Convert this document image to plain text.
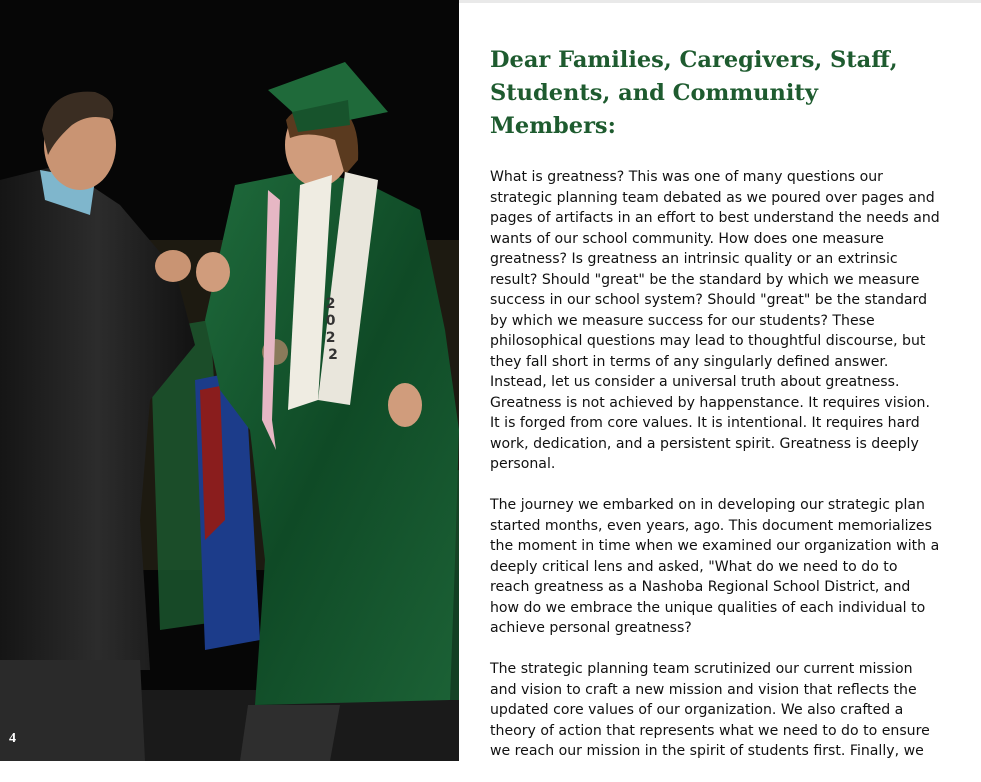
2 0 2 2
4
Dear Families, Caregivers, Staff, Students, and Community Members:

What is greatness? This was one of many questions our strategic planning team debated as we poured over pages and pages of artifacts in an effort to best understand the needs and wants of our school community. How does one measure greatness? Is greatness an intrinsic quality or an extrinsic result? Should "great" be the standard by which we measure success in our school system? Should "great" be the standard by which we measure success for our students? These philosophical questions may lead to thoughtful discourse, but they fall short in terms of any singularly defined answer. Instead, let us consider a universal truth about greatness. Greatness is not achieved by happenstance. It requires vision. It is forged from core values. It is intentional. It requires hard work, dedication, and a persistent spirit. Greatness is deeply personal.

The journey we embarked on in developing our strategic plan started months, even years, ago. This document memorializes the moment in time when we examined our organization with a deeply critical lens and asked, "What do we need to do to reach greatness as a Nashoba Regional School District, and how do we embrace the unique qualities of each individual to achieve personal greatness?

The strategic planning team scrutinized our current mission and vision to craft a new mission and vision that reflects the updated core values of our organization. We also crafted a theory of action that represents what we need to do to ensure we reach our mission in the spirit of students first. Finally, we
